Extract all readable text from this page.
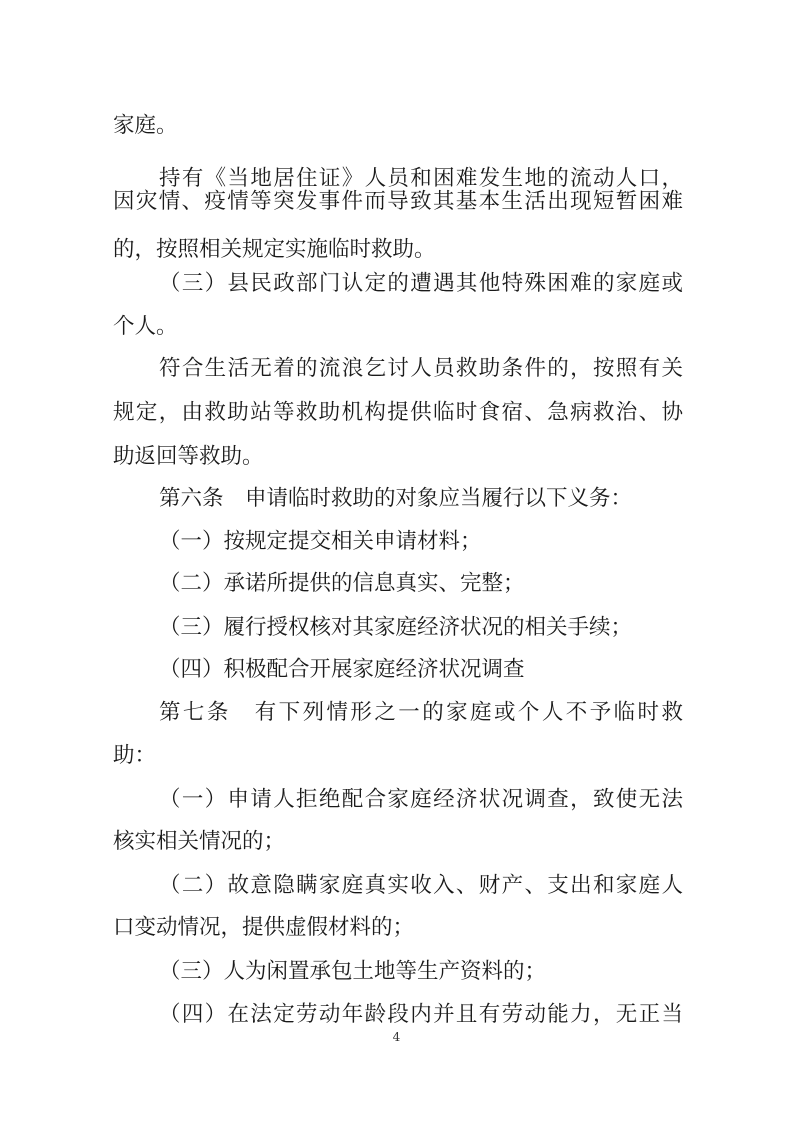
家庭。
持有《当地居住证》人员和困难发生地的流动人口，
因灾情、疫情等突发事件而导致其基本生活出现短暂困难
的，按照相关规定实施临时救助。
（三）县民政部门认定的遭遇其他特殊困难的家庭或
个人。
符合生活无着的流浪乞讨人员救助条件的，按照有关
规定，由救助站等救助机构提供临时食宿、急病救治、协
助返回等救助。
第六条　申请临时救助的对象应当履行以下义务：
（一）按规定提交相关申请材料；
（二）承诺所提供的信息真实、完整；
（三）履行授权核对其家庭经济状况的相关手续；
（四）积极配合开展家庭经济状况调查
第七条　有下列情形之一的家庭或个人不予临时救
助：
（一）申请人拒绝配合家庭经济状况调查，致使无法
核实相关情况的；
（二）故意隐瞒家庭真实收入、财产、支出和家庭人
口变动情况，提供虚假材料的；
（三）人为闲置承包土地等生产资料的；
（四）在法定劳动年龄段内并且有劳动能力，无正当
4
